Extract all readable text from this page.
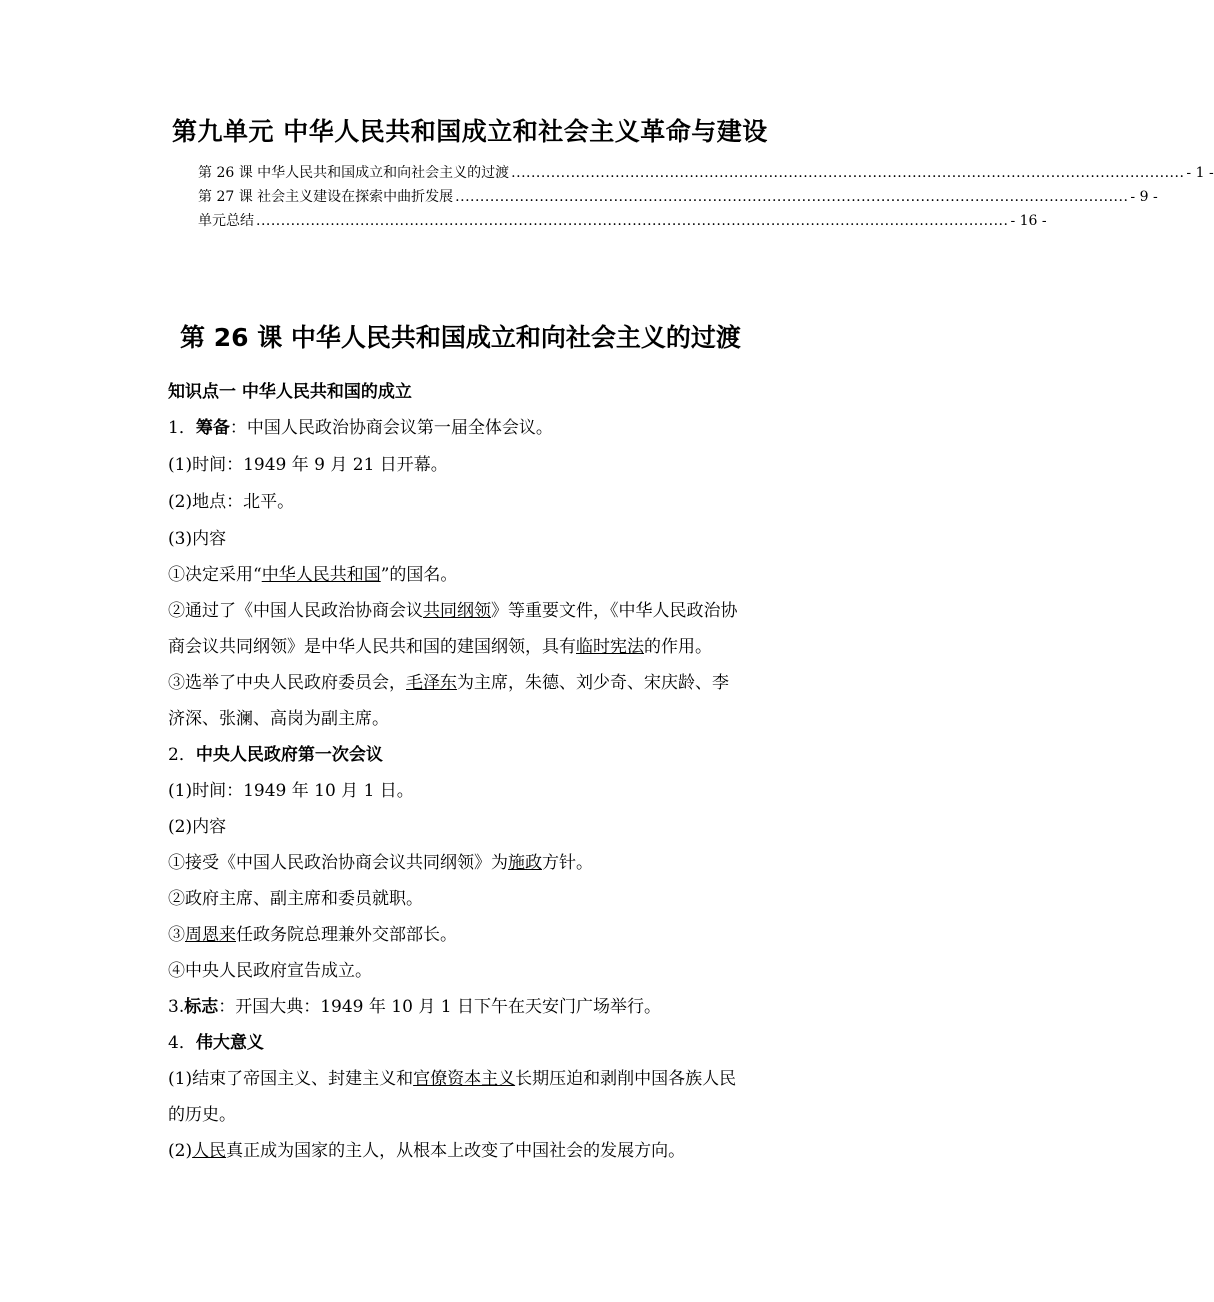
第九单元 中华人民共和国成立和社会主义革命与建设
第 26 课 中华人民共和国成立和向社会主义的过渡 ........................................................................................................................................ - 1 -
第 27 课 社会主义建设在探索中曲折发展 ........................................................................................................................................ - 9 -
单元总结 ........................................................................................................................................................ - 16 -
第 26 课 中华人民共和国成立和向社会主义的过渡
知识点一 中华人民共和国的成立
1．筹备：中国人民政治协商会议第一届全体会议。
(1)时间：1949 年 9 月 21 日开幕。
(2)地点：北平。
(3)内容
①决定采用“中华人民共和国”的国名。
②通过了《中国人民政治协商会议共同纲领》等重要文件，《中华人民政治协
商会议共同纲领》是中华人民共和国的建国纲领，具有临时宪法的作用。
③选举了中央人民政府委员会，毛泽东为主席，朱德、刘少奇、宋庆龄、李
济深、张澜、高岗为副主席。
2．中央人民政府第一次会议
(1)时间：1949 年 10 月 1 日。
(2)内容
①接受《中国人民政治协商会议共同纲领》为施政方针。
②政府主席、副主席和委员就职。
③周恩来任政务院总理兼外交部部长。
④中央人民政府宣告成立。
3.标志：开国大典：1949 年 10 月 1 日下午在天安门广场举行。
4．伟大意义
(1)结束了帝国主义、封建主义和官僚资本主义长期压迫和剥削中国各族人民
的历史。
(2)人民真正成为国家的主人，从根本上改变了中国社会的发展方向。
